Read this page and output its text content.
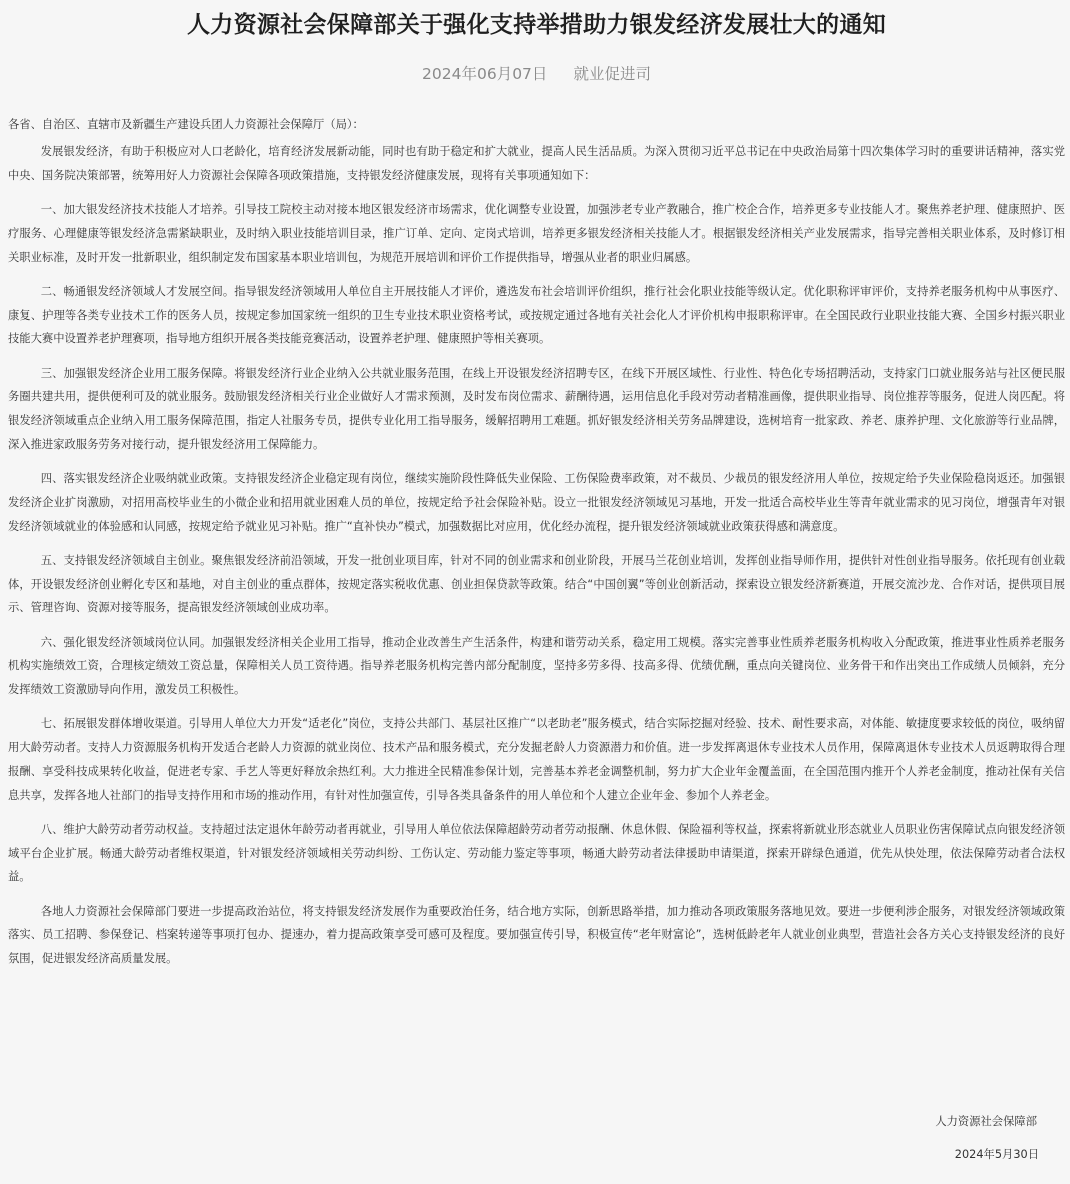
人力资源社会保障部关于强化支持举措助力银发经济发展壮大的通知
2024年06月07日 就业促进司
各省、自治区、直辖市及新疆生产建设兵团人力资源社会保障厅（局）：

发展银发经济，有助于积极应对人口老龄化，培育经济发展新动能，同时也有助于稳定和扩大就业，提高人民生活品质。为深入贯彻习近平总书记在中央政治局第十四次集体学习时的重要讲话精神，落实党中央、国务院决策部署，统筹用好人力资源社会保障各项政策措施，支持银发经济健康发展，现将有关事项通知如下：

一、加大银发经济技术技能人才培养。引导技工院校主动对接本地区银发经济市场需求，优化调整专业设置，加强涉老专业产教融合，推广校企合作，培养更多专业技能人才。聚焦养老护理、健康照护、医疗服务、心理健康等银发经济急需紧缺职业，及时纳入职业技能培训目录，推广订单、定向、定岗式培训，培养更多银发经济相关技能人才。根据银发经济相关产业发展需求，指导完善相关职业体系，及时修订相关职业标准，及时开发一批新职业，组织制定发布国家基本职业培训包，为规范开展培训和评价工作提供指导，增强从业者的职业归属感。

二、畅通银发经济领域人才发展空间。指导银发经济领域用人单位自主开展技能人才评价，遴选发布社会培训评价组织，推行社会化职业技能等级认定。优化职称评审评价，支持养老服务机构中从事医疗、康复、护理等各类专业技术工作的医务人员，按规定参加国家统一组织的卫生专业技术职业资格考试，或按规定通过各地有关社会化人才评价机构申报职称评审。在全国民政行业职业技能大赛、全国乡村振兴职业技能大赛中设置养老护理赛项，指导地方组织开展各类技能竞赛活动，设置养老护理、健康照护等相关赛项。

三、加强银发经济企业用工服务保障。将银发经济行业企业纳入公共就业服务范围，在线上开设银发经济招聘专区，在线下开展区域性、行业性、特色化专场招聘活动，支持家门口就业服务站与社区便民服务圈共建共用，提供便利可及的就业服务。鼓励银发经济相关行业企业做好人才需求预测，及时发布岗位需求、薪酬待遇，运用信息化手段对劳动者精准画像，提供职业指导、岗位推荐等服务，促进人岗匹配。将银发经济领域重点企业纳入用工服务保障范围，指定人社服务专员，提供专业化用工指导服务，缓解招聘用工难题。抓好银发经济相关劳务品牌建设，选树培育一批家政、养老、康养护理、文化旅游等行业品牌，深入推进家政服务劳务对接行动，提升银发经济用工保障能力。

四、落实银发经济企业吸纳就业政策。支持银发经济企业稳定现有岗位，继续实施阶段性降低失业保险、工伤保险费率政策，对不裁员、少裁员的银发经济用人单位，按规定给予失业保险稳岗返还。加强银发经济企业扩岗激励，对招用高校毕业生的小微企业和招用就业困难人员的单位，按规定给予社会保险补贴。设立一批银发经济领域见习基地，开发一批适合高校毕业生等青年就业需求的见习岗位，增强青年对银发经济领域就业的体验感和认同感，按规定给予就业见习补贴。推广“直补快办”模式，加强数据比对应用，优化经办流程，提升银发经济领域就业政策获得感和满意度。

五、支持银发经济领域自主创业。聚焦银发经济前沿领域，开发一批创业项目库，针对不同的创业需求和创业阶段，开展马兰花创业培训，发挥创业指导师作用，提供针对性创业指导服务。依托现有创业载体，开设银发经济创业孵化专区和基地，对自主创业的重点群体，按规定落实税收优惠、创业担保贷款等政策。结合“中国创翼”等创业创新活动，探索设立银发经济新赛道，开展交流沙龙、合作对话，提供项目展示、管理咨询、资源对接等服务，提高银发经济领域创业成功率。

六、强化银发经济领域岗位认同。加强银发经济相关企业用工指导，推动企业改善生产生活条件，构建和谐劳动关系，稳定用工规模。落实完善事业性质养老服务机构收入分配政策，推进事业性质养老服务机构实施绩效工资，合理核定绩效工资总量，保障相关人员工资待遇。指导养老服务机构完善内部分配制度，坚持多劳多得、技高多得、优绩优酬，重点向关键岗位、业务骨干和作出突出工作成绩人员倾斜，充分发挥绩效工资激励导向作用，激发员工积极性。

七、拓展银发群体增收渠道。引导用人单位大力开发“适老化”岗位，支持公共部门、基层社区推广“以老助老”服务模式，结合实际挖掘对经验、技术、耐性要求高，对体能、敏捷度要求较低的岗位，吸纳留用大龄劳动者。支持人力资源服务机构开发适合老龄人力资源的就业岗位、技术产品和服务模式，充分发掘老龄人力资源潜力和价值。进一步发挥离退休专业技术人员作用，保障离退休专业技术人员返聘取得合理报酬、享受科技成果转化收益，促进老专家、手艺人等更好释放余热红利。大力推进全民精准参保计划，完善基本养老金调整机制，努力扩大企业年金覆盖面，在全国范围内推开个人养老金制度，推动社保有关信息共享，发挥各地人社部门的指导支持作用和市场的推动作用，有针对性加强宣传，引导各类具备条件的用人单位和个人建立企业年金、参加个人养老金。

八、维护大龄劳动者劳动权益。支持超过法定退休年龄劳动者再就业，引导用人单位依法保障超龄劳动者劳动报酬、休息休假、保险福利等权益，探索将新就业形态就业人员职业伤害保障试点向银发经济领域平台企业扩展。畅通大龄劳动者维权渠道，针对银发经济领域相关劳动纠纷、工伤认定、劳动能力鉴定等事项，畅通大龄劳动者法律援助申请渠道，探索开辟绿色通道，优先从快处理，依法保障劳动者合法权益。

各地人力资源社会保障部门要进一步提高政治站位，将支持银发经济发展作为重要政治任务，结合地方实际，创新思路举措，加力推动各项政策服务落地见效。要进一步便利涉企服务，对银发经济领域政策落实、员工招聘、参保登记、档案转递等事项打包办、提速办，着力提高政策享受可感可及程度。要加强宣传引导，积极宣传“老年财富论”，选树低龄老年人就业创业典型，营造社会各方关心支持银发经济的良好氛围，促进银发经济高质量发展。

人力资源社会保障部
2024年5月30日
